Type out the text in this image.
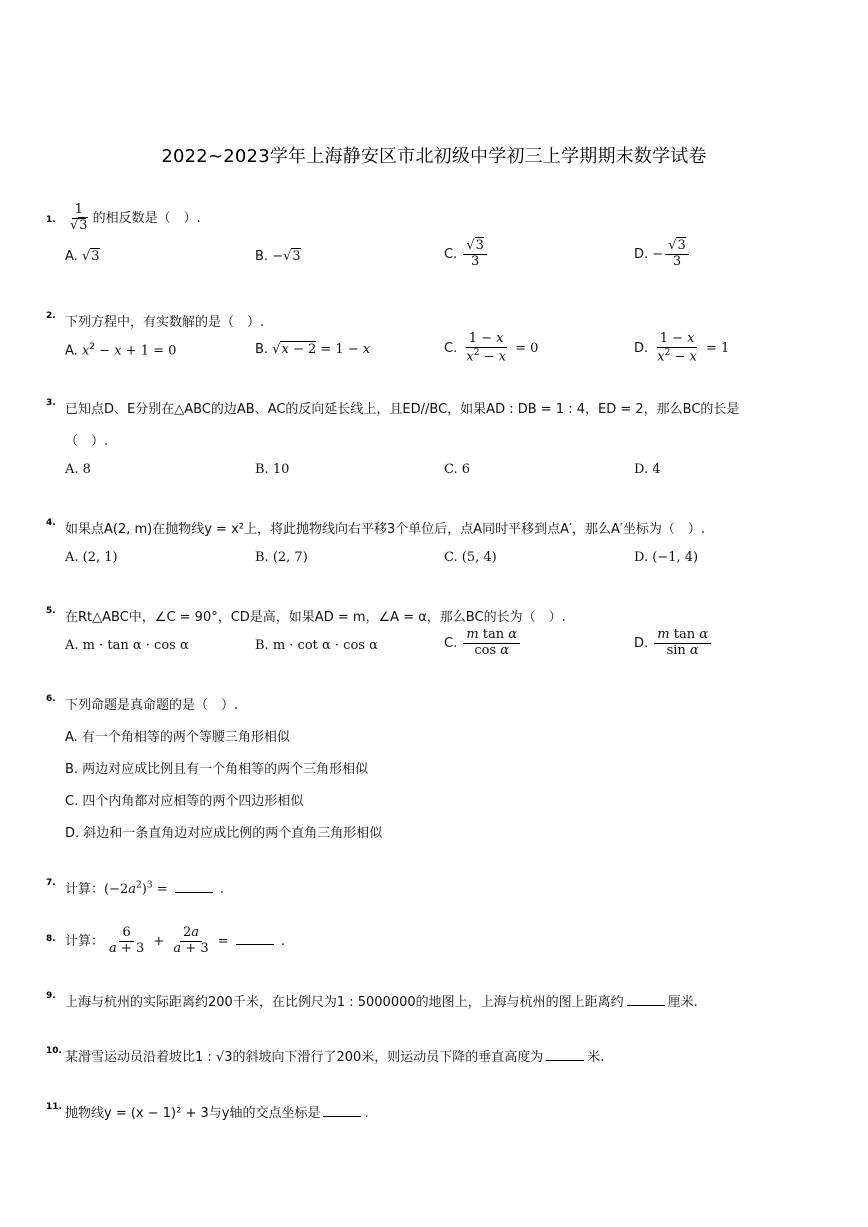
2022~2023学年上海静安区市北初级中学初三上学期期末数学试卷
1. $\frac{1}{√3}$ 的相反数是（　）.
A. √3	B. −√3	C. $\frac{√3}{3}$	D. − $\frac{√3}{3}$
2. 下列方程中，有实数解的是（　）.
A. $x^2 - x + 1 = 0$	B. √x − 2 = 1 − x	C. $\frac{1 - x}{x^2 - x} = 0$	D. $\frac{1 - x}{x^2 - x} = 1$
3. 已知点D、E分别在△ABC的边AB、AC的反向延长线上，且ED//BC，如果AD : DB = 1 : 4，ED = 2，那么BC的长是
（　）.
A. 8	B. 10	C. 6	D. 4
4. 如果点A(2, m)在抛物线y = x²上，将此抛物线向右平移3个单位后，点A同时平移到点A′，那么A′坐标为（　）.
A. (2, 1)	B. (2, 7)	C. (5, 4)	D. (−1, 4)
5. 在Rt△ABC中，∠C = 90°，CD是高，如果AD = m，∠A = α，那么BC的长为（　）.
A. m · tan α · cos α	B. m · cot α · cos α	C. $\frac{\text{m tan α}}{\text{cos α}}$	D. $\frac{\text{m tan α}}{\text{sin α}}$
6. 下列命题是真命题的是（　）.
A. 有一个角相等的两个等腰三角形相似
B. 两边对应成比例且有一个角相等的两个三角形相似
C. 四个内角都对应相等的两个四边形相似
D. 斜边和一条直角边对应成比例的两个直角三角形相似
7. 计算：$(-2a^2)^3$ =	.
8. 计算： $\frac{6}{a + 3} + \frac{2a}{a + 3}$ =	.
9. 上海与杭州的实际距离约200千米，在比例尺为1 : 5000000的地图上，上海与杭州的图上距离约	厘米.
10. 某滑雪运动员沿着坡比1 : √3的斜坡向下滑行了200米，则运动员下降的垂直高度为	米.
11. 抛物线y = (x − 1)² + 3与y轴的交点坐标是	.
